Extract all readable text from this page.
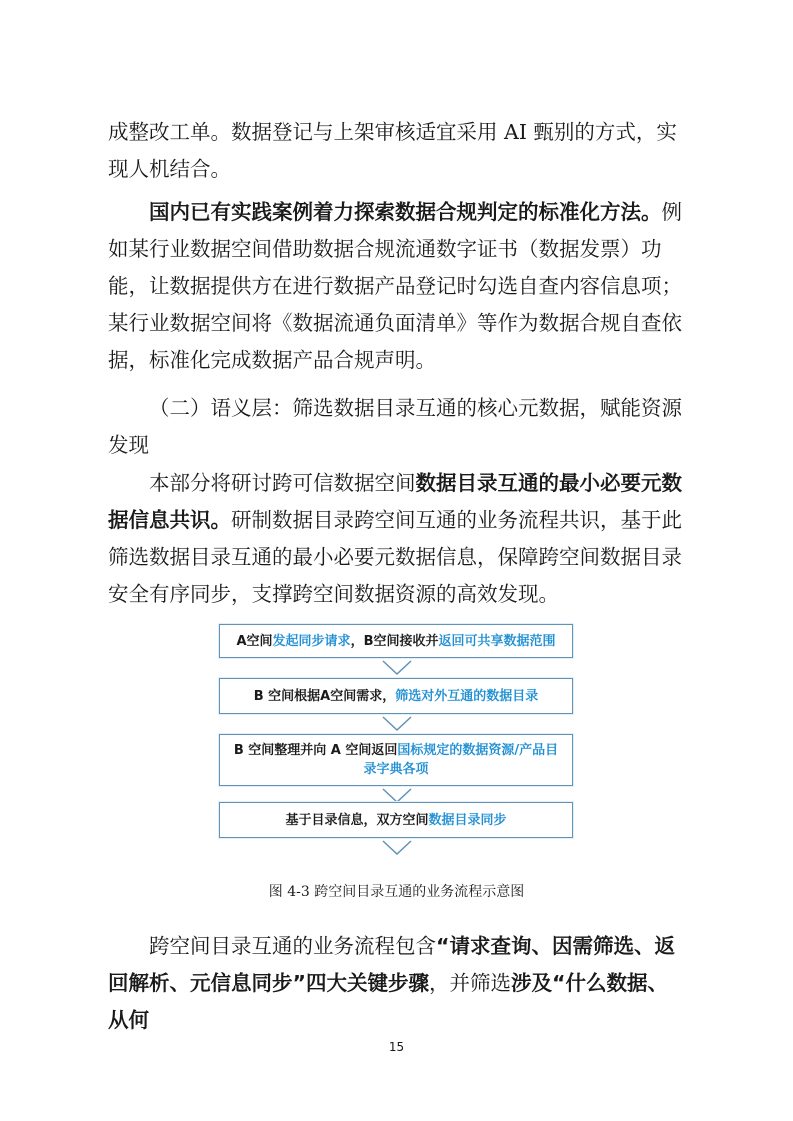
成整改工单。数据登记与上架审核适宜采用 AI 甄别的方式，实现人机结合。

国内已有实践案例着力探索数据合规判定的标准化方法。例如某行业数据空间借助数据合规流通数字证书（数据发票）功能，让数据提供方在进行数据产品登记时勾选自查内容信息项；某行业数据空间将《数据流通负面清单》等作为数据合规自查依据，标准化完成数据产品合规声明。

（二）语义层：筛选数据目录互通的核心元数据，赋能资源发现

本部分将研讨跨可信数据空间数据目录互通的最小必要元数据信息共识。研制数据目录跨空间互通的业务流程共识，基于此筛选数据目录互通的最小必要元数据信息，保障跨空间数据目录安全有序同步，支撑跨空间数据资源的高效发现。

A空间发起同步请求，B空间接收并返回可共享数据范围
B 空间根据A空间需求，筛选对外互通的数据目录
B 空间整理并向 A 空间返回国标规定的数据资源/产品目录字典各项
基于目录信息，双方空间数据目录同步
图 4-3 跨空间目录互通的业务流程示意图

跨空间目录互通的业务流程包含“请求查询、因需筛选、返回解析、元信息同步”四大关键步骤，并筛选涉及“什么数据、从何

15
